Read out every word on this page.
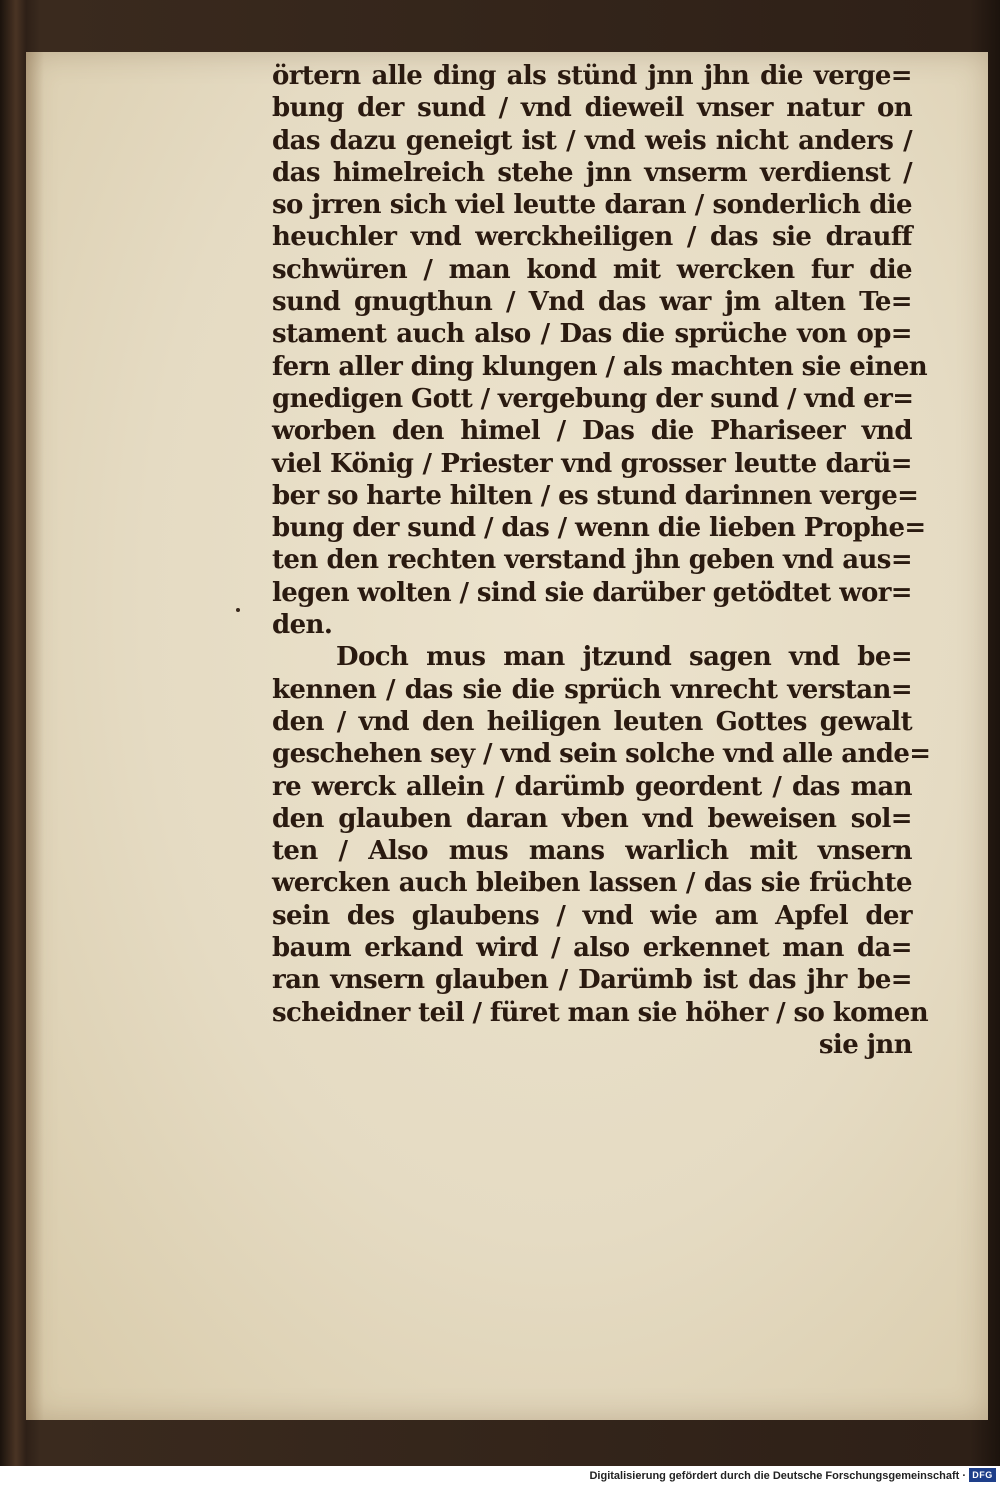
örtern alle ding als stünd jnn jhn die verge=
bung der sund / vnd dieweil vnser natur on
das dazu geneigt ist / vnd weis nicht anders /
das himelreich stehe jnn vnserm verdienst /
so jrren sich viel leutte daran / sonderlich die
heuchler vnd werckheiligen / das sie drauff
schwüren / man kond mit wercken fur die
sund gnugthun / Vnd das war jm alten Te=
stament auch also / Das die sprüche von op=
fern aller ding klungen / als machten sie einen
gnedigen Gott / vergebung der sund / vnd er=
worben den himel / Das die Phariseer vnd
viel König / Priester vnd grosser leutte darü=
ber so harte hilten / es stund darinnen verge=
bung der sund / das / wenn die lieben Prophe=
ten den rechten verstand jhn geben vnd aus=
legen wolten / sind sie darüber getödtet wor=
den.
Doch mus man jtzund sagen vnd be=
kennen / das sie die sprüch vnrecht verstan=
den / vnd den heiligen leuten Gottes gewalt
geschehen sey / vnd sein solche vnd alle ande=
re werck allein / darümb geordent / das man
den glauben daran vben vnd beweisen sol=
ten / Also mus mans warlich mit vnsern
wercken auch bleiben lassen / das sie früchte
sein des glaubens / vnd wie am Apfel der
baum erkand wird / also erkennet man da=
ran vnsern glauben / Darümb ist das jhr be=
scheidner teil / füret man sie höher / so komen
sie jnn
Digitalisierung gefördert durch die Deutsche Forschungsgemeinschaft · DFG
